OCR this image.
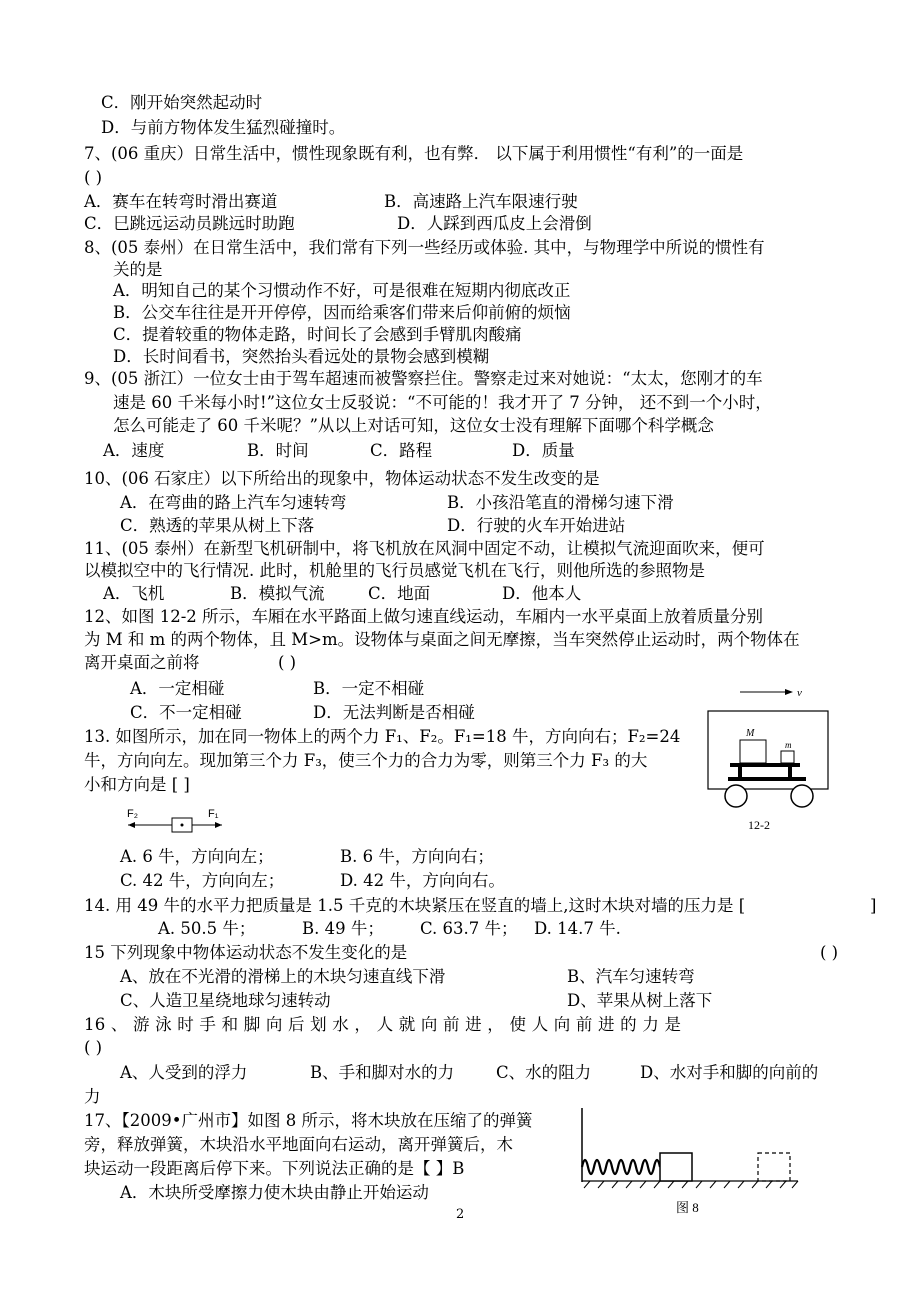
C．刚开始突然起动时
D．与前方物体发生猛烈碰撞时。
7、(06 重庆）日常生活中，惯性现象既有利，也有弊． 以下属于利用惯性“有利”的一面是
( )
A．赛车在转弯时滑出赛道	B．高速路上汽车限速行驶
C．巳跳远运动员跳远时助跑	D．人踩到西瓜皮上会滑倒
8、(05 泰州）在日常生活中，我们常有下列一些经历或体验. 其中，与物理学中所说的惯性有
关的是
A．明知自己的某个习惯动作不好，可是很难在短期内彻底改正
B．公交车往往是开开停停，因而给乘客们带来后仰前俯的烦恼
C．提着较重的物体走路，时间长了会感到手臂肌肉酸痛
D．长时间看书，突然抬头看远处的景物会感到模糊
9、(05 浙江）一位女士由于驾车超速而被警察拦住。警察走过来对她说：“太太，您刚才的车
速是 60 千米每小时!”这位女士反驳说：“不可能的！我才开了 7 分钟， 还不到一个小时，
怎么可能走了 60 千米呢？”从以上对话可知，这位女士没有理解下面哪个科学概念
A．速度	B．时间	C．路程	D．质量
10、(06 石家庄）以下所给出的现象中，物体运动状态不发生改变的是
A．在弯曲的路上汽车匀速转弯	B．小孩沿笔直的滑梯匀速下滑
C．熟透的苹果从树上下落	D．行驶的火车开始进站
11、(05 泰州）在新型飞机研制中，将飞机放在风洞中固定不动，让模拟气流迎面吹来，便可
以模拟空中的飞行情况. 此时，机舱里的飞行员感觉飞机在飞行，则他所选的参照物是
A．飞机	B．模拟气流	C．地面	D．他本人
12、如图 12-2 所示，车厢在水平路面上做匀速直线运动，车厢内一水平桌面上放着质量分别
为 M 和 m 的两个物体，且 M>m。设物体与桌面之间无摩擦，当车突然停止运动时，两个物体在
离开桌面之前将	( )
A．一定相碰	B．一定不相碰
C．不一定相碰	D．无法判断是否相碰
v
M
m
12-2
13. 如图所示，加在同一物体上的两个力 F₁、F₂。F₁=18 牛，方向向右；F₂=24
牛，方向向左。现加第三个力 F₃，使三个力的合力为零，则第三个力 F₃ 的大
小和方向是 [ ]
F₂	F₁
A. 6 牛，方向向左；	B. 6 牛，方向向右；
C. 42 牛，方向向左；	D. 42 牛，方向向右。
14. 用 49 牛的水平力把质量是 1.5 千克的木块紧压在竖直的墙上,这时木块对墙的压力是 [	]
A. 50.5 牛；	B. 49 牛； C. 63.7 牛； D. 14.7 牛.
15 下列现象中物体运动状态不发生变化的是	( )
A、放在不光滑的滑梯上的木块匀速直线下滑	B、汽车匀速转弯
C、人造卫星绕地球匀速转动	D、苹果从树上落下
16 、 游 泳 时 手 和 脚 向 后 划 水 ， 人 就 向 前 进 ， 使 人 向 前 进 的 力 是
( )
A、人受到的浮力	B、手和脚对水的力	C、水的阻力	D、水对手和脚的向前的
力
17、【2009•广州市】如图 8 所示，将木块放在压缩了的弹簧
旁，释放弹簧，木块沿水平地面向右运动，离开弹簧后，木
块运动一段距离后停下来。下列说法正确的是【 】B
A．木块所受摩擦力使木块由静止开始运动
图 8
2
